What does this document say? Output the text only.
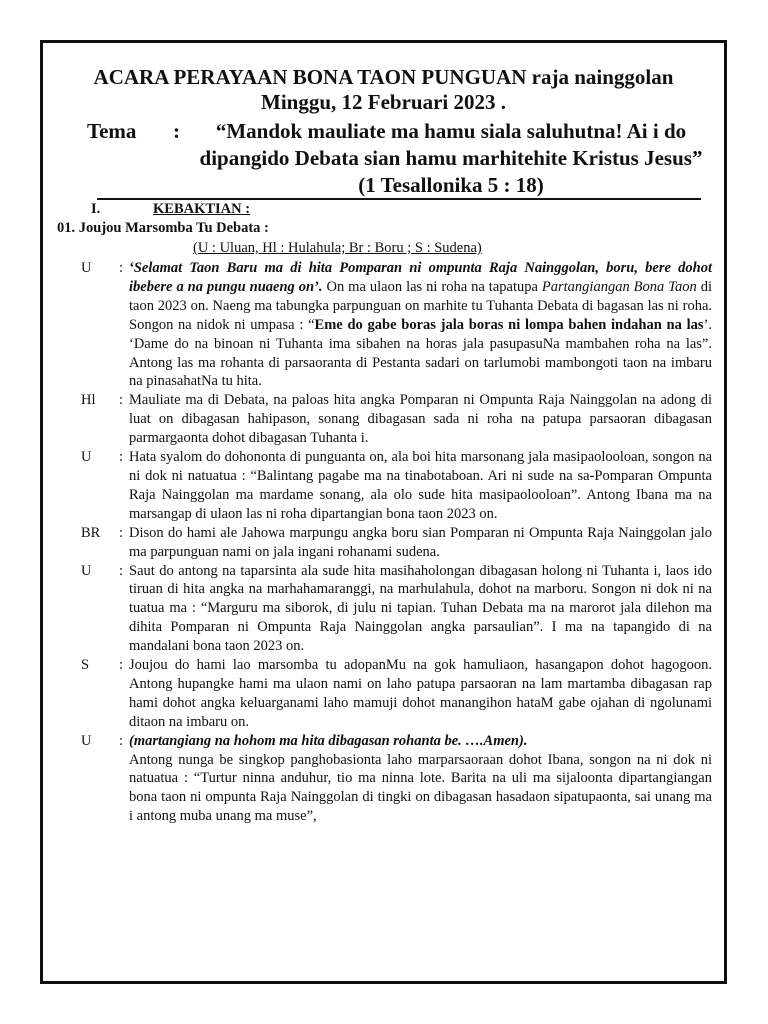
ACARA PERAYAAN BONA TAON PUNGUAN raja nainggolan
Minggu, 12 Februari 2023 .
Tema :	“Mandok mauliate ma hamu siala saluhutna! Ai i do dipangido Debata sian hamu marhitehite Kristus Jesus” (1 Tesallonika 5 : 18)
I.	KEBAKTIAN :
01. Joujou Marsomba Tu Debata :
(U : Uluan, Hl : Hulahula; Br : Boru ; S : Sudena)
U : ‘Selamat Taon Baru ma di hita Pomparan ni ompunta Raja Nainggolan, boru, bere dohot ibebere a na pungu nuaeng on’. On ma ulaon las ni roha na tapatupa Partangiangan Bona Taon di taon 2023 on. Naeng ma tabungka parpunguan on marhite tu Tuhanta Debata di bagasan las ni roha. Songon na nidok ni umpasa : “Eme do gabe boras jala boras ni lompa bahen indahan na las’. ‘Dame do na binoan ni Tuhanta ima sibahen na horas jala pasupasuNa mambahen roha na las”. Antong las ma rohanta di parsaoranta di Pestanta sadari on tarlumobi mambongoti taon na imbaru na pinasahatNa tu hita.
Hl : Mauliate ma di Debata, na paloas hita angka Pomparan ni Ompunta Raja Nainggolan na adong di luat on dibagasan hahipason, sonang dibagasan sada ni roha na patupa parsaoran dibagasan parmargaonta dohot dibagasan Tuhanta i.
U : Hata syalom do dohononta di punguanta on, ala boi hita marsonang jala masipaolooloan, songon na ni dok ni natuatua : “Balintang pagabe ma na tinabotaboan. Ari ni sude na sa-Pomparan Ompunta Raja Nainggolan ma mardame sonang, ala olo sude hita masipaolooloan”. Antong Ibana ma na marsangap di ulaon las ni roha dipartangian bona taon 2023 on.
BR : Dison do hami ale Jahowa marpungu angka boru sian Pomparan ni Ompunta Raja Nainggolan jalo ma parpunguan nami on jala ingani rohanami sudena.
U : Saut do antong na taparsinta ala sude hita masihaholongan dibagasan holong ni Tuhanta i, laos ido tiruan di hita angka na marhahamaranggi, na marhulahula, dohot na marboru. Songon ni dok ni na tuatua ma : “Marguru ma siborok, di julu ni tapian. Tuhan Debata ma na marorot jala dilehon ma dihita Pomparan ni Ompunta Raja Nainggolan angka parsaulian”. I ma na tapangido di na mandalani bona taon 2023 on.
S : Joujou do hami lao marsomba tu adopanMu na gok hamuliaon, hasangapon dohot hagogoon. Antong hupangke hami ma ulaon nami on laho patupa parsaoran na lam martamba dibagasan rap hami dohot angka keluarganami laho mamuji dohot manangihon hataM gabe ojahan di ngolunami ditaon na imbaru on.
U : (martangiang na hohom ma hita dibagasan rohanta be. ….Amen).
Antong nunga be singkop panghobasionta laho marparsaoraan dohot Ibana, songon na ni dok ni natuatua : “Turtur ninna anduhur, tio ma ninna lote. Barita na uli ma sijaloonta dipartangiangan bona taon ni ompunta Raja Nainggolan di tingki on dibagasan hasadaon sipatupaonta, sai unang ma i antong muba unang ma muse”,
